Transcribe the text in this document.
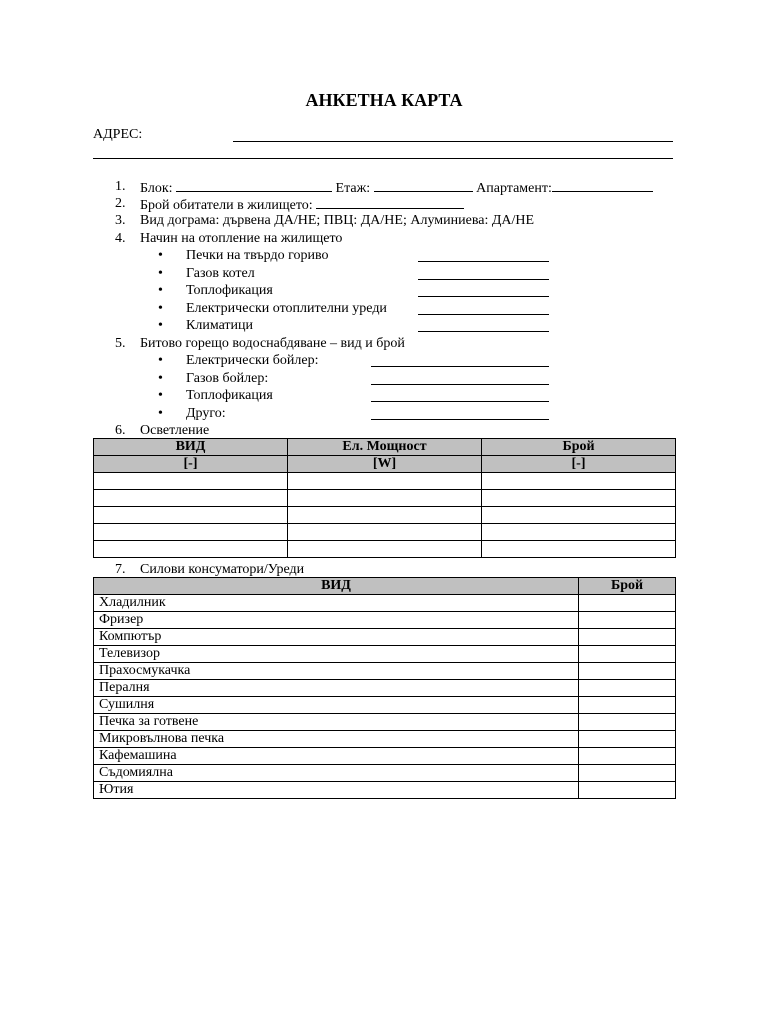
АНКЕТНА КАРТА
АДРЕС:
1. Блок:	Етаж:	Апартамент:
2. Брой обитатели в жилището:
3. Вид дограма: дървена ДА/НЕ; ПВЦ: ДА/НЕ; Алуминиева: ДА/НЕ
4. Начин на отопление на жилището
• Печки на твърдо гориво
• Газов котел
• Топлофикация
• Електрически отоплителни уреди
• Климатици
5. Битово горещо водоснабдяване – вид и брой
• Електрически бойлер:
• Газов бойлер:
• Топлофикация
• Друго:
6. Осветление
ВИД	Ел. Мощност	Брой
[-]	[W]	[-]

7. Силови консуматори/Уреди
ВИД	Брой
Хладилник	
Фризер	
Компютър	
Телевизор	
Прахосмукачка	
Пералня	
Сушилня	
Печка за готвене	
Микровълнова печка	
Кафемашина	
Съдомиялна	
Ютия	
